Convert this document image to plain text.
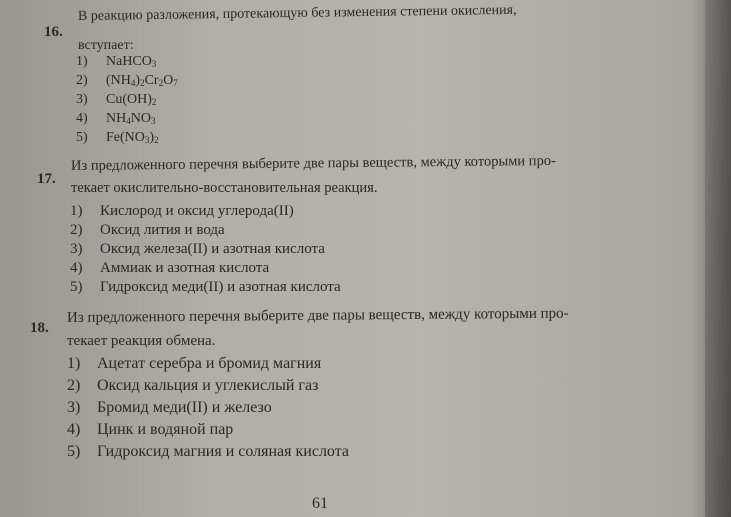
16.
В реакцию разложения, протекающую без изменения степени окисления,
вступает:
1) NaHCO$_3$
2) $(NH_4)_2Cr_2O_7$
3) $Cu(OH)_2$
4) $NH_4NO_3$
5) $Fe(NO_3)_2$
17.
Из предложенного перечня выберите две пары веществ, между которыми про-
текает окислительно-восстановительная реакция.
1) Кислород и оксид углерода(II)
2) Оксид лития и вода
3) Оксид железа(II) и азотная кислота
4) Аммиак и азотная кислота
5) Гидроксид меди(II) и азотная кислота
18.
Из предложенного перечня выберите две пары веществ, между которыми про-
текает реакция обмена.
1) Ацетат серебра и бромид магния
2) Оксид кальция и углекислый газ
3) Бромид меди(II) и железо
4) Цинк и водяной пар
5) Гидроксид магния и соляная кислота
61
